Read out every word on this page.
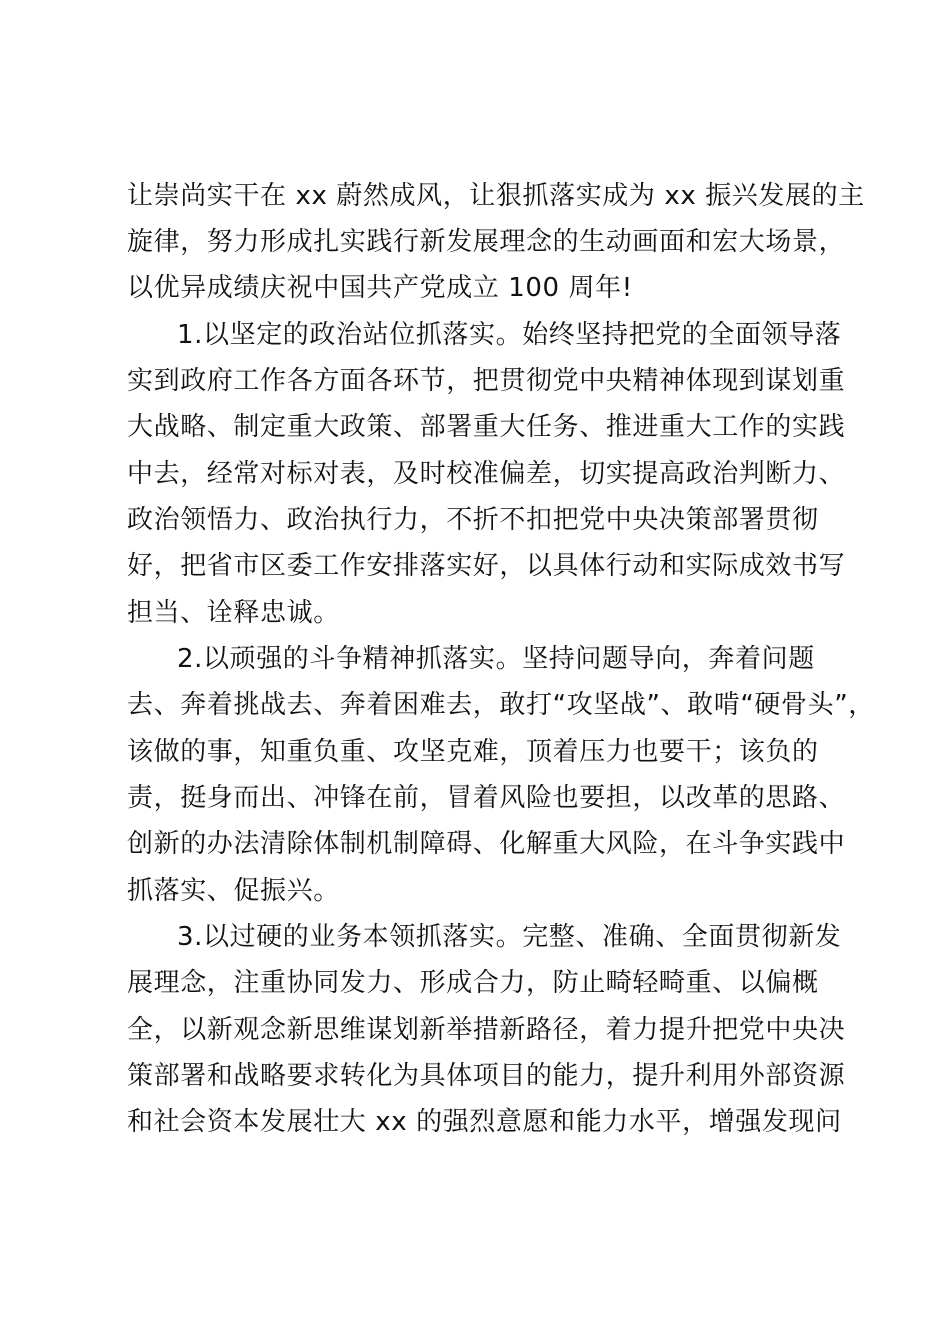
让崇尚实干在 xx 蔚然成风，让狠抓落实成为 xx 振兴发展的主
旋律，努力形成扎实践行新发展理念的生动画面和宏大场景，
以优异成绩庆祝中国共产党成立 100 周年!
1.以坚定的政治站位抓落实。始终坚持把党的全面领导落
实到政府工作各方面各环节，把贯彻党中央精神体现到谋划重
大战略、制定重大政策、部署重大任务、推进重大工作的实践
中去，经常对标对表，及时校准偏差，切实提高政治判断力、
政治领悟力、政治执行力，不折不扣把党中央决策部署贯彻
好，把省市区委工作安排落实好，以具体行动和实际成效书写
担当、诠释忠诚。
2.以顽强的斗争精神抓落实。坚持问题导向，奔着问题
去、奔着挑战去、奔着困难去，敢打“攻坚战”、敢啃“硬骨头”，
该做的事，知重负重、攻坚克难，顶着压力也要干；该负的
责，挺身而出、冲锋在前，冒着风险也要担，以改革的思路、
创新的办法清除体制机制障碍、化解重大风险，在斗争实践中
抓落实、促振兴。
3.以过硬的业务本领抓落实。完整、准确、全面贯彻新发
展理念，注重协同发力、形成合力，防止畸轻畸重、以偏概
全，以新观念新思维谋划新举措新路径，着力提升把党中央决
策部署和战略要求转化为具体项目的能力，提升利用外部资源
和社会资本发展壮大 xx 的强烈意愿和能力水平，增强发现问
